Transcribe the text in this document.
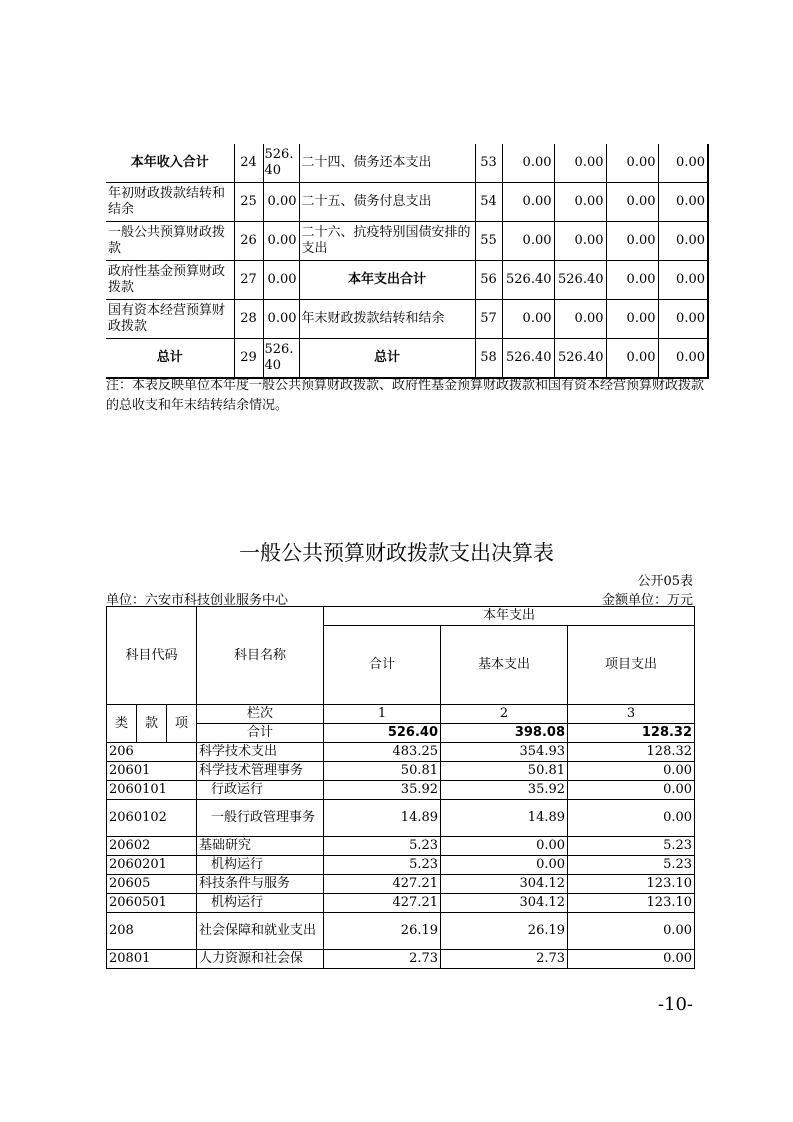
本年收入合计	24	526.40	二十四、债务还本支出	53	0.00	0.00	0.00	0.00
年初财政拨款结转和结余	25	0.00	二十五、债务付息支出	54	0.00	0.00	0.00	0.00
一般公共预算财政拨款	26	0.00	二十六、抗疫特别国债安排的支出	55	0.00	0.00	0.00	0.00
政府性基金预算财政拨款	27	0.00	本年支出合计	56	526.40	526.40	0.00	0.00
国有资本经营预算财政拨款	28	0.00	年末财政拨款结转和结余	57	0.00	0.00	0.00	0.00
总计	29	526.40	总计	58	526.40	526.40	0.00	0.00
注：本表反映单位本年度一般公共预算财政拨款、政府性基金预算财政拨款和国有资本经营预算财政拨款的总收支和年末结转结余情况。
一般公共预算财政拨款支出决算表
公开05表
单位：六安市科技创业服务中心	金额单位：万元
科目代码			科目名称	本年支出		
				合计	基本支出	项目支出
类	款	项	栏次	1	2	3
			合计	526.40	398.08	128.32
206			科学技术支出	483.25	354.93	128.32
20601			科学技术管理事务	50.81	50.81	0.00
2060101			行政运行	35.92	35.92	0.00
2060102			一般行政管理事务	14.89	14.89	0.00
20602			基础研究	5.23	0.00	5.23
2060201			机构运行	5.23	0.00	5.23
20605			科技条件与服务	427.21	304.12	123.10
2060501			机构运行	427.21	304.12	123.10
208			社会保障和就业支出	26.19	26.19	0.00
20801			人力资源和社会保	2.73	2.73	0.00
-10-
